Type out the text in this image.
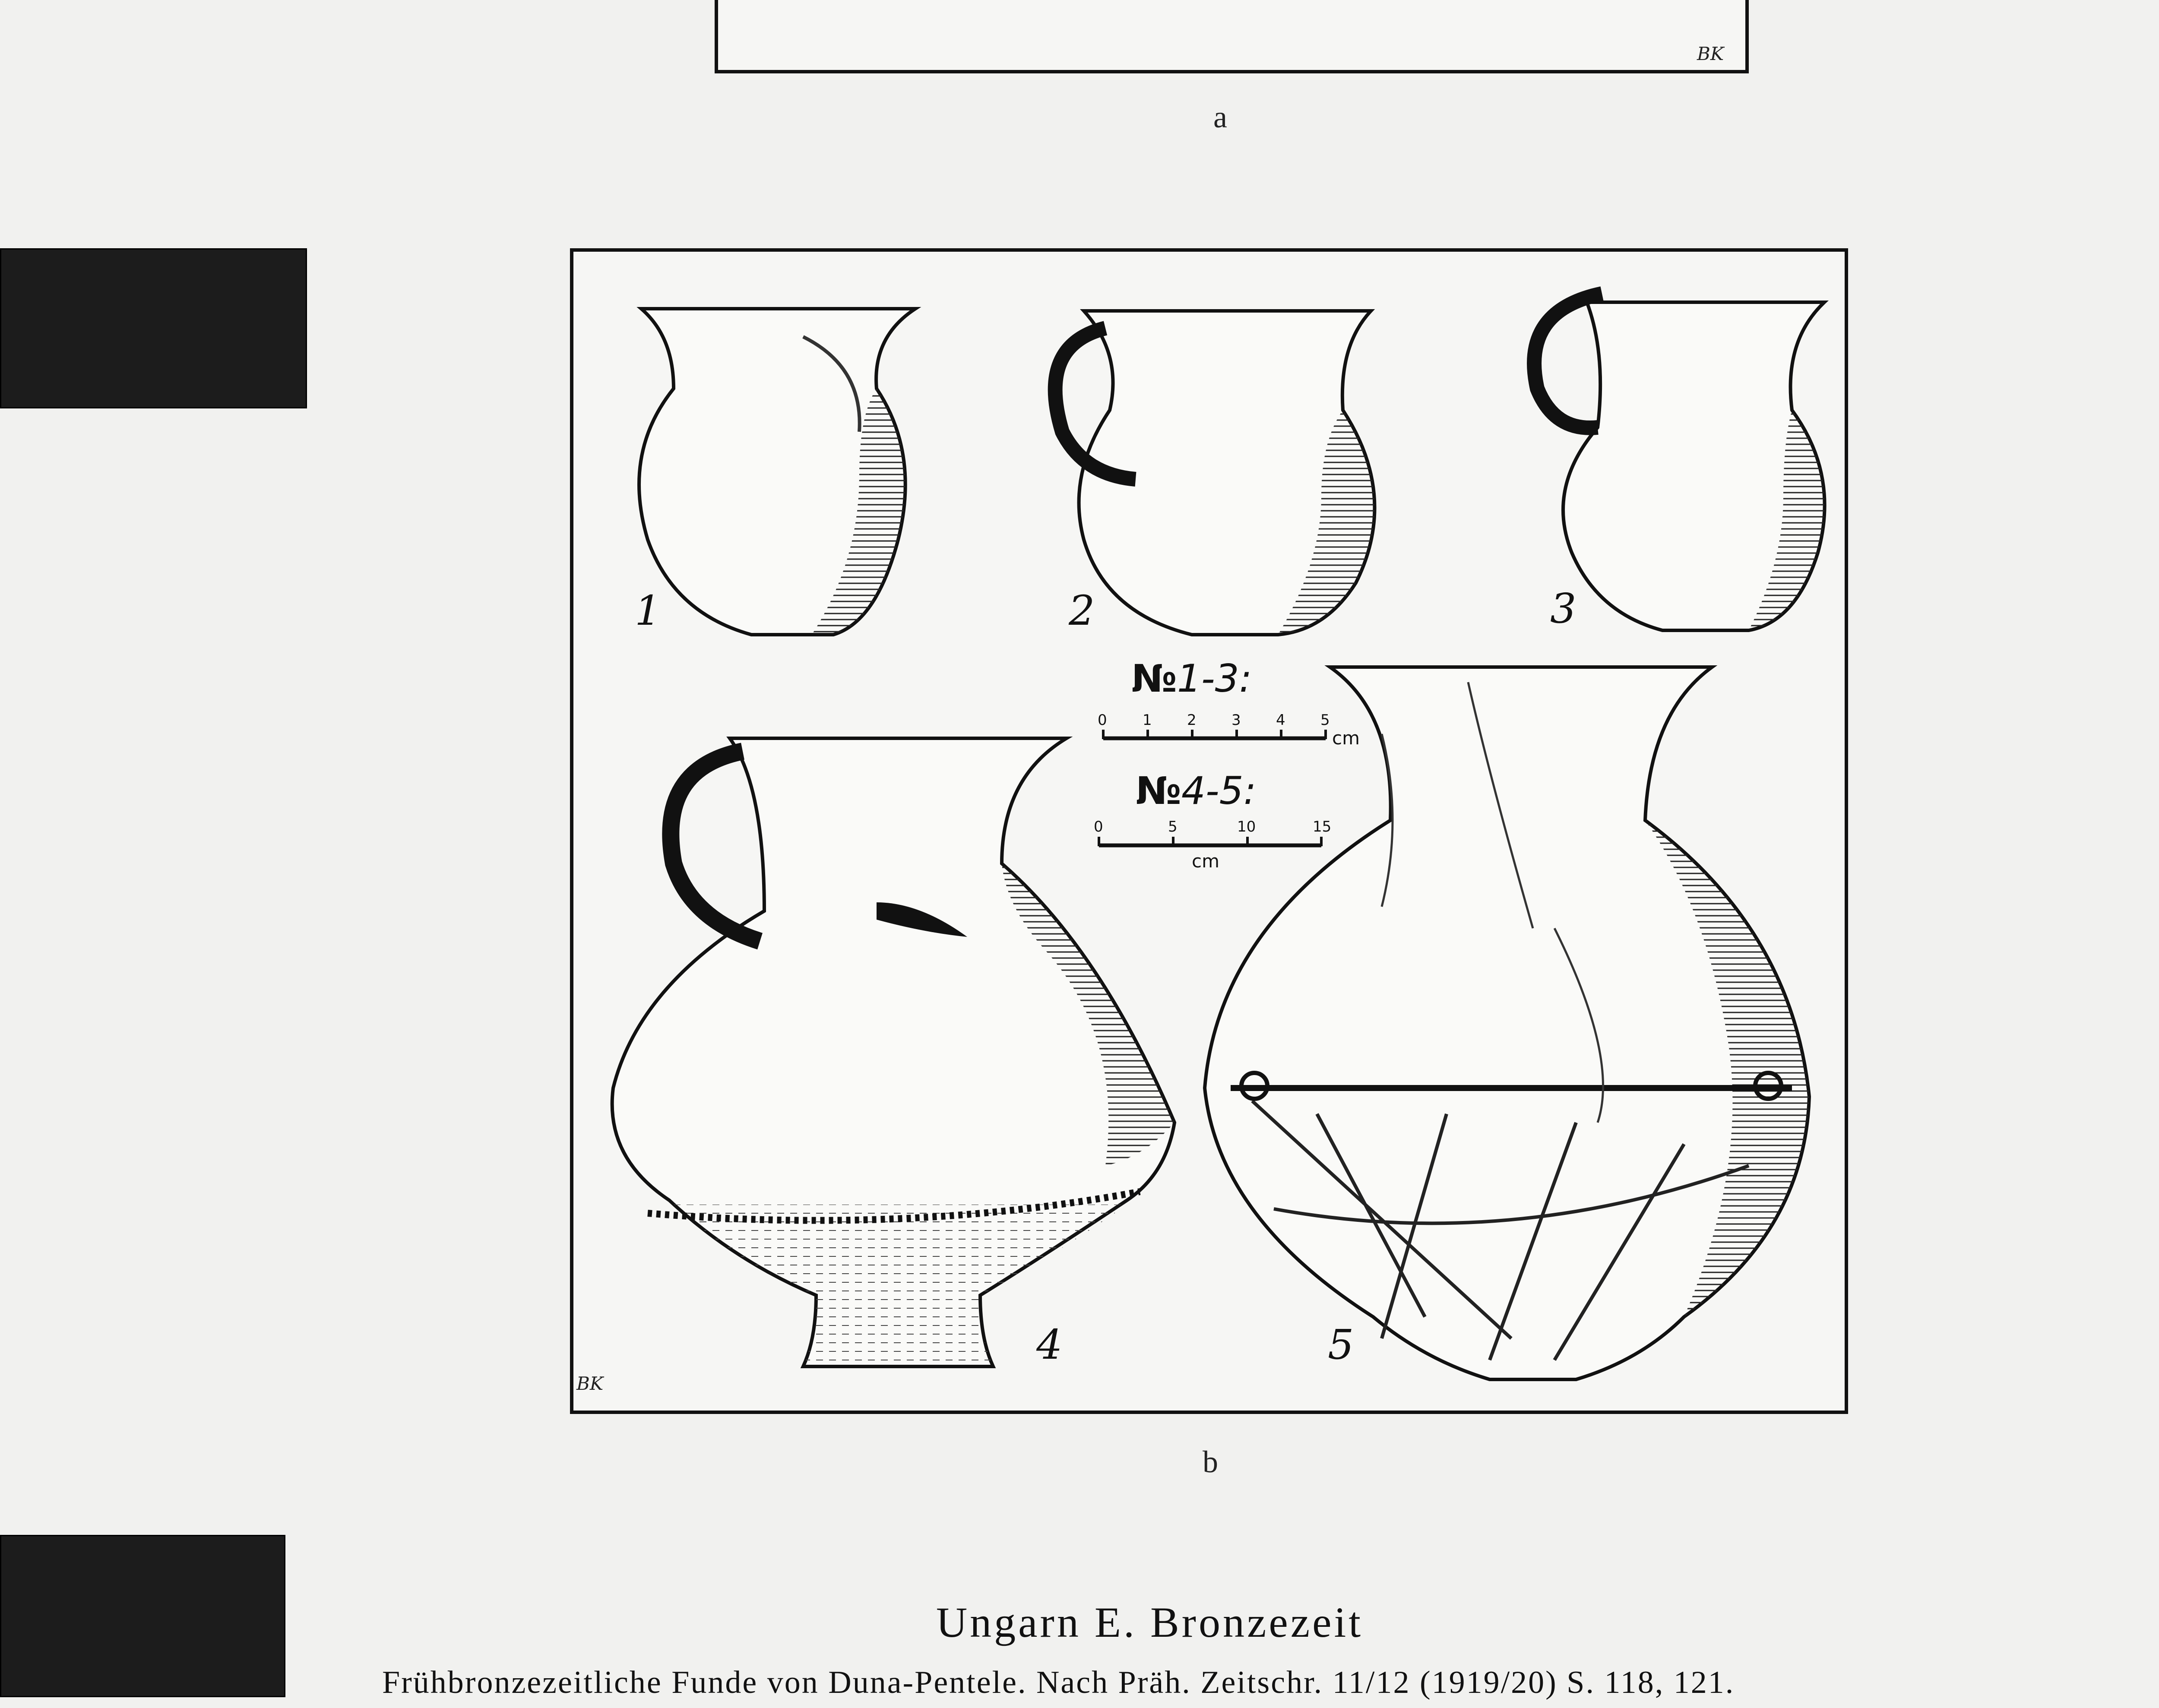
BK
a
1	2	3
4	5
№1-3:
0 1 2 3 4 5
cm
№4-5:
0	5	10	15
cm
BK
b
Ungarn E. Bronzezeit
Frühbronzezeitliche Funde von Duna-Pentele. Nach Präh. Zeitschr. 11/12 (1919/20) S. 118, 121.
